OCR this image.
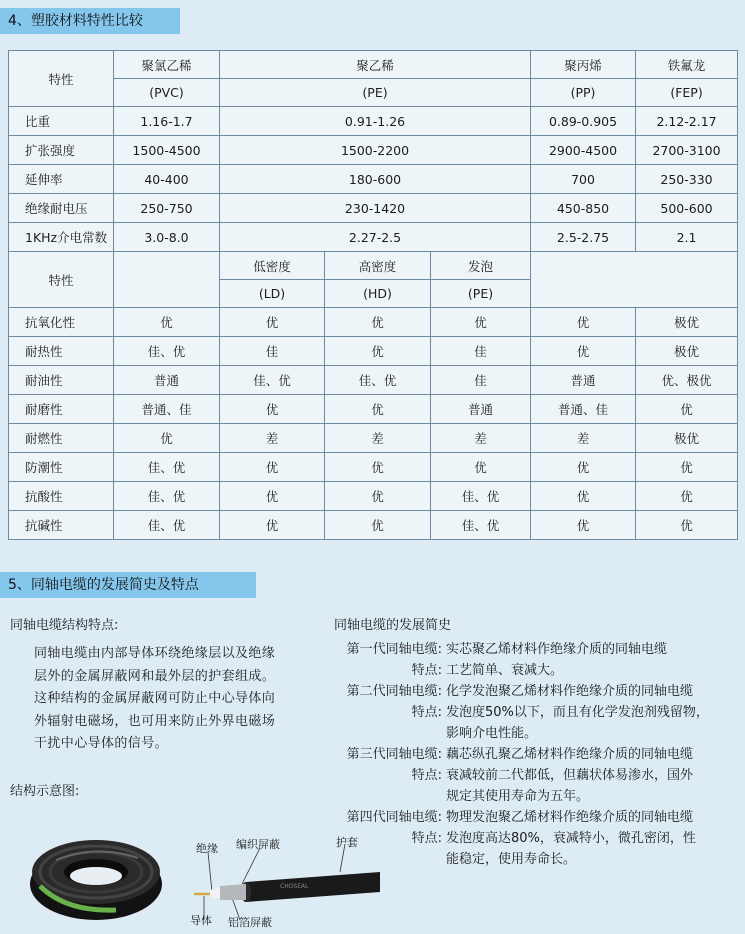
4、塑胶材料特性比较
特性	聚氯乙稀	聚乙稀			聚丙烯	铁氟龙
	(PVC)	(PE)			(PP)	(FEP)
比重	1.16-1.7	0.91-1.26			0.89-0.905	2.12-2.17
扩张强度	1500-4500	1500-2200			2900-4500	2700-3100
延伸率	40-400	180-600			700	250-330
绝缘耐电压	250-750	230-1420			450-850	500-600
1KHz介电常数	3.0-8.0	2.27-2.5			2.5-2.75	2.1
特性		低密度	高密度	发泡		
		(LD)	(HD)	(PE)		
抗氧化性	优	优	优	优	优	极优
耐热性	佳、优	佳	优	佳	优	极优
耐油性	普通	佳、优	佳、优	佳	普通	优、极优
耐磨性	普通、佳	优	优	普通	普通、佳	优
耐燃性	优	差	差	差	差	极优
防潮性	佳、优	优	优	优	优	优
抗酸性	佳、优	优	优	佳、优	优	优
抗碱性	佳、优	优	优	佳、优	优	优
5、同轴电缆的发展简史及特点
同轴电缆结构特点:

同轴电缆由内部导体环绕绝缘层以及绝缘

层外的金属屏蔽网和最外层的护套组成。

这种结构的金属屏蔽网可防止中心导体向

外辐射电磁场，也可用来防止外界电磁场

干扰中心导体的信号。

同轴电缆的发展简史
第一代同轴电缆: 实芯聚乙烯材料作绝缘介质的同轴电缆
特点: 工艺简单、衰减大。
第二代同轴电缆: 化学发泡聚乙烯材料作绝缘介质的同轴电缆
特点: 发泡度50%以下，而且有化学发泡剂残留物，
影响介电性能。
第三代同轴电缆: 藕芯纵孔聚乙烯材料作绝缘介质的同轴电缆
特点: 衰减较前二代都低，但藕状体易渗水，国外
规定其使用寿命为五年。
第四代同轴电缆: 物理发泡聚乙烯材料作绝缘介质的同轴电缆
特点: 发泡度高达80%，衰减特小，微孔密闭，性
能稳定，使用寿命长。
结构示意图:
CHOSEAL
绝缘 编织屏蔽	护套
导体 铝箔屏蔽
